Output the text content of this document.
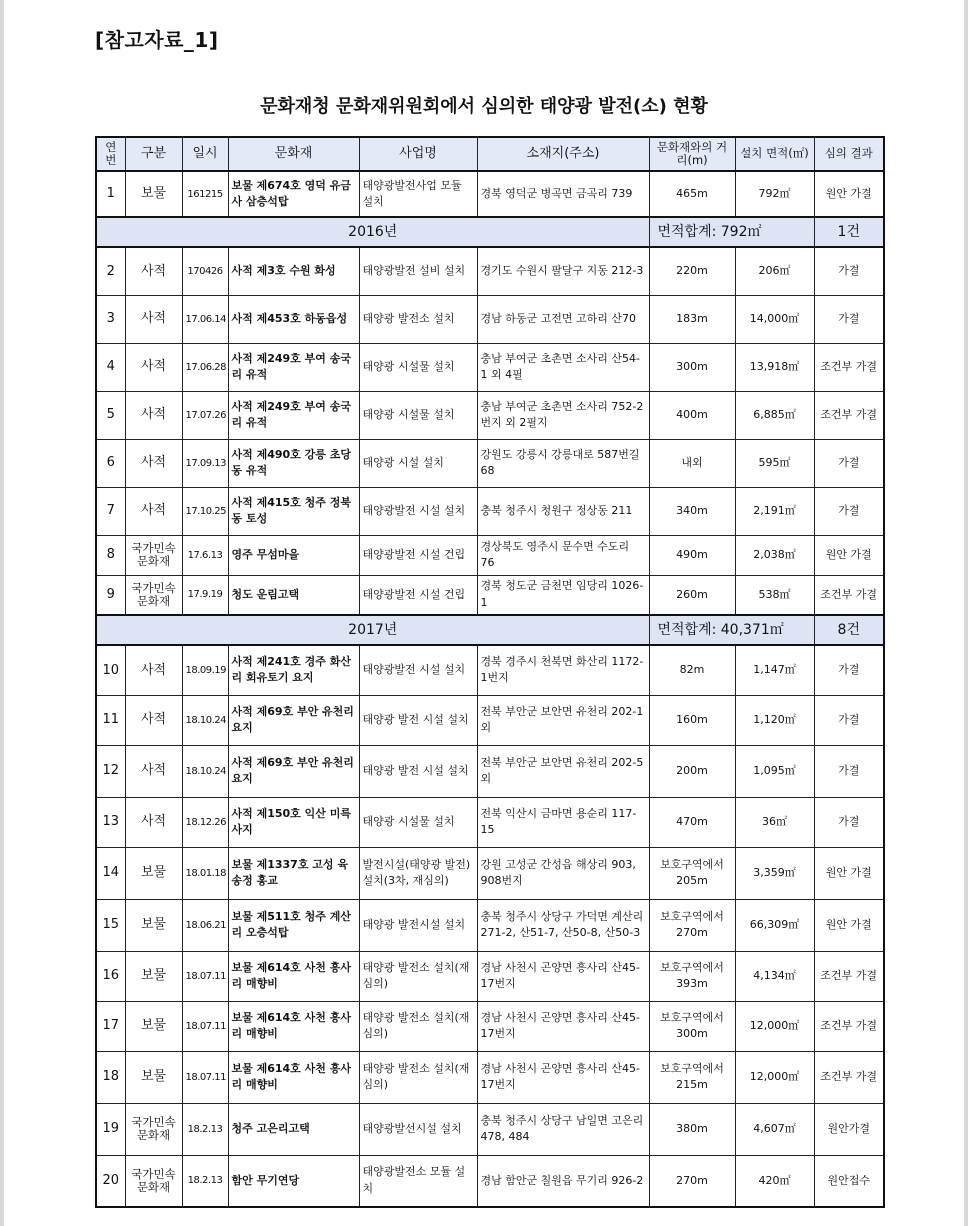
[참고자료_1]
문화재청 문화재위원회에서 심의한 태양광 발전(소) 현황
연번	구분	일시	문화재	사업명	소재지(주소)	문화재와의 거리(m)	설치 면적(㎡)	심의 결과
1	보물	161215	보물 제674호 영덕 유금사 삼층석탑	태양광발전사업 모듈 설치	경북 영덕군 병곡면 금곡리 739	465m	792㎡	원안 가결
2016년						면적합계: 792㎡		1건
2	사적	170426	사적 제3호 수원 화성	태양광발전 설비 설치	경기도 수원시 팔달구 지동 212-3	220m	206㎡	가결
3	사적	17.06.14	사적 제453호 하동읍성	태양광 발전소 설치	경남 하동군 고전면 고하리 산70	183m	14,000㎡	가결
4	사적	17.06.28	사적 제249호 부여 송국리 유적	태양광 시설물 설치	충남 부여군 초촌면 소사리 산54-1 외 4필	300m	13,918㎡	조건부 가결
5	사적	17.07.26	사적 제249호 부여 송국리 유적	태양광 시설물 설치	충남 부여군 초촌면 소사리 752-2번지 외 2필지	400m	6,885㎡	조건부 가결
6	사적	17.09.13	사적 제490호 강릉 초당동 유적	태양광 시설 설치	강원도 강릉시 강릉대로 587번길 68	내외	595㎡	가결
7	사적	17.10.25	사적 제415호 청주 정북동 토성	태양광발전 시설 설치	충북 청주시 청원구 정상동 211	340m	2,191㎡	가결
8	국가민속 문화재	17.6.13	영주 무섬마을	태양광발전 시설 건립	경상북도 영주시 문수면 수도리 76	490m	2,038㎡	원안 가결
9	국가민속 문화재	17.9.19	청도 운림고택	태양광발전 시설 건립	경북 청도군 금천면 임당리 1026-1	260m	538㎡	조건부 가결
2017년						면적합계: 40,371㎡		8건
10	사적	18.09.19	사적 제241호 경주 화산리 회유토기 요지	태양광발전 시설 설치	경북 경주시 천북면 화산리 1172-1번지	82m	1,147㎡	가결
11	사적	18.10.24	사적 제69호 부안 유천리 요지	태양광 발전 시설 설치	전북 부안군 보안면 유천리 202-1 외	160m	1,120㎡	가결
12	사적	18.10.24	사적 제69호 부안 유천리 요지	태양광 발전 시설 설치	전북 부안군 보안면 유천리 202-5 외	200m	1,095㎡	가결
13	사적	18.12.26	사적 제150호 익산 미륵사지	태양광 시설물 설치	전북 익산시 금마면 용순리 117-15	470m	36㎡	가결
14	보물	18.01.18	보물 제1337호 고성 육송정 홍교	발전시설(태양광 발전) 설치(3차, 재심의)	강원 고성군 간성읍 해상리 903, 908번지	보호구역에서 205m	3,359㎡	원안 가결
15	보물	18.06.21	보물 제511호 청주 계산리 오층석탑	태양광 발전시설 설치	충북 청주시 상당구 가덕면 계산리 271-2, 산51-7, 산50-8, 산50-3	보호구역에서 270m	66,309㎡	원안 가결
16	보물	18.07.11	보물 제614호 사천 흥사리 매향비	태양광 발전소 설치(재심의)	경남 사천시 곤양면 흥사리 산45-17번지	보호구역에서 393m	4,134㎡	조건부 가결
17	보물	18.07.11	보물 제614호 사천 흥사리 매향비	태양광 발전소 설치(재심의)	경남 사천시 곤양면 흥사리 산45-17번지	보호구역에서 300m	12,000㎡	조건부 가결
18	보물	18.07.11	보물 제614호 사천 흥사리 매향비	태양광 발전소 설치(재심의)	경남 사천시 곤양면 흥사리 산45-17번지	보호구역에서 215m	12,000㎡	조건부 가결
19	국가민속 문화재	18.2.13	청주 고은리고택	태양광발선시설 설치	충북 청주시 상당구 남일면 고은리 478, 484	380m	4,607㎡	원안가결
20	국가민속 문화재	18.2.13	함안 무기연당	태양광발전소 모듈 설치	경남 함안군 칠원읍 무기리 926-2	270m	420㎡	원안접수
